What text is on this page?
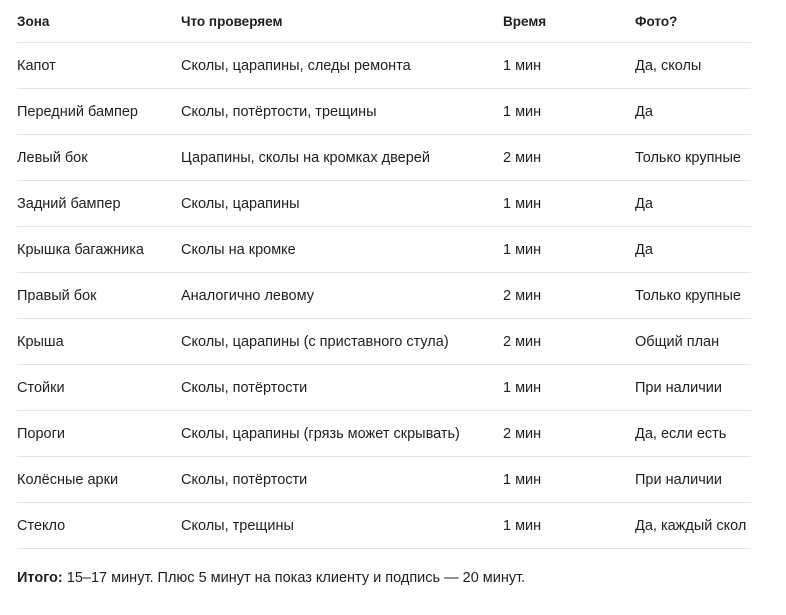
Зона	Что проверяем	Время	Фото?
Капот	Сколы, царапины, следы ремонта	1 мин	Да, сколы
Передний бампер	Сколы, потёртости, трещины	1 мин	Да
Левый бок	Царапины, сколы на кромках дверей	2 мин	Только крупные
Задний бампер	Сколы, царапины	1 мин	Да
Крышка багажника	Сколы на кромке	1 мин	Да
Правый бок	Аналогично левому	2 мин	Только крупные
Крыша	Сколы, царапины (с приставного стула)	2 мин	Общий план
Стойки	Сколы, потёртости	1 мин	При наличии
Пороги	Сколы, царапины (грязь может скрывать)	2 мин	Да, если есть
Колёсные арки	Сколы, потёртости	1 мин	При наличии
Стекло	Сколы, трещины	1 мин	Да, каждый скол

Итого: 15–17 минут. Плюс 5 минут на показ клиенту и подпись — 20 минут.
